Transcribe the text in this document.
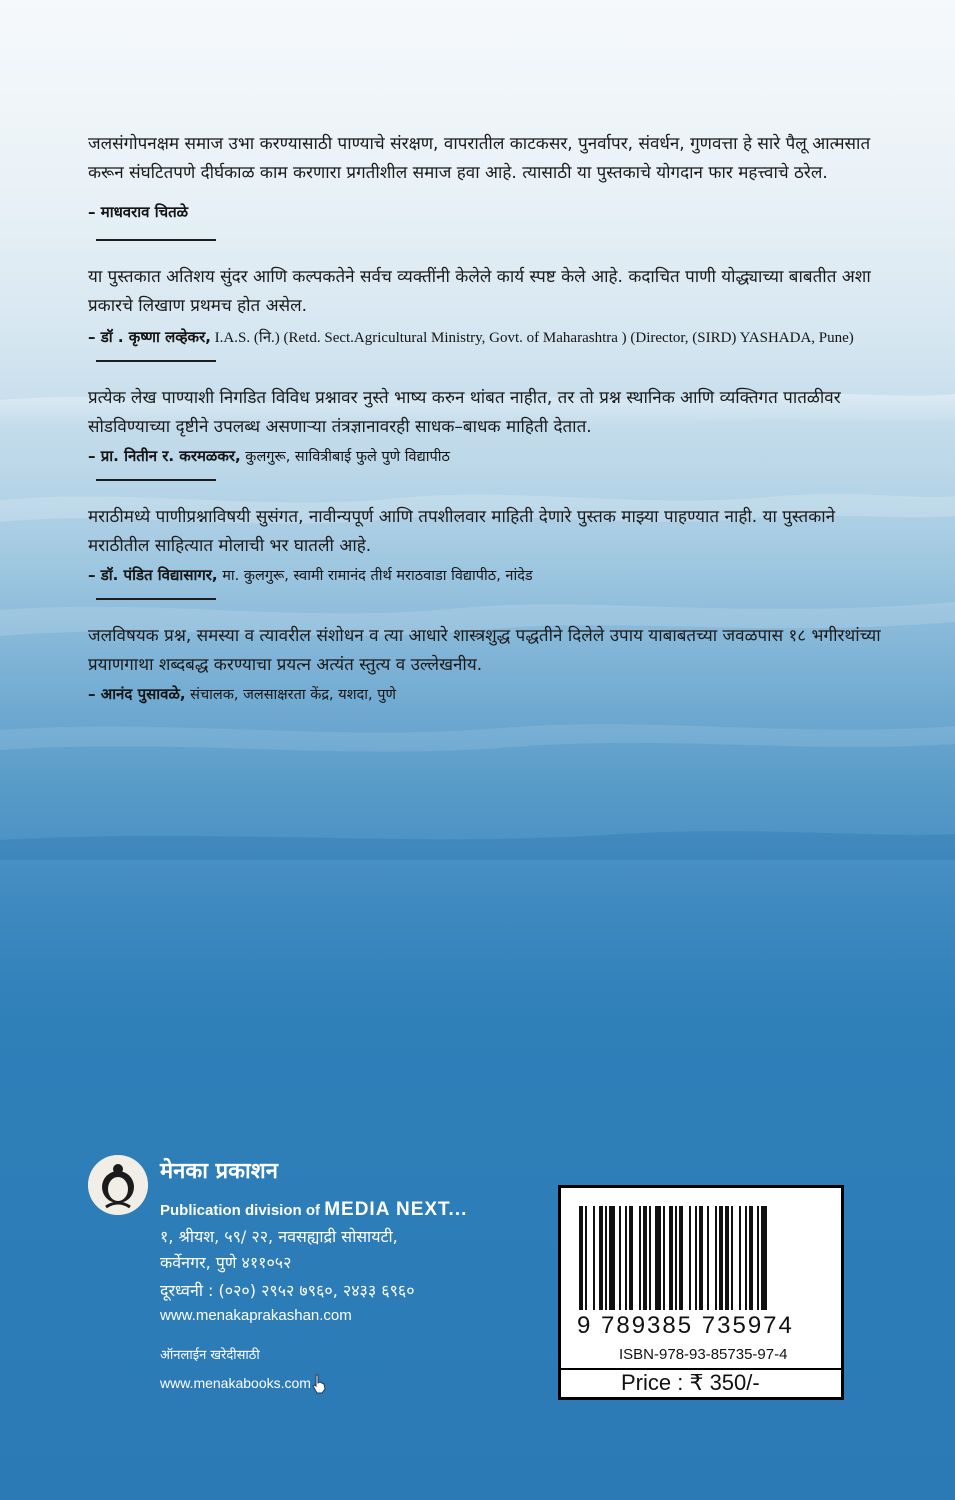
जलसंगोपनक्षम समाज उभा करण्यासाठी पाण्याचे संरक्षण, वापरातील काटकसर, पुनर्वापर, संवर्धन, गुणवत्ता हे सारे पैलू आत्मसात करून संघटितपणे दीर्घकाळ काम करणारा प्रगतीशील समाज हवा आहे. त्यासाठी या पुस्तकाचे योगदान फार महत्त्वाचे ठरेल.

– माधवराव चितळे

या पुस्तकात अतिशय सुंदर आणि कल्पकतेने सर्वच व्यक्तींनी केलेले कार्य स्पष्ट केले आहे. कदाचित पाणी योद्ध्याच्या बाबतीत अशा प्रकारचे लिखाण प्रथमच होत असेल.

– डॉ . कृष्णा लव्हेकर, I.A.S. (नि.) (Retd. Sect.Agricultural Ministry, Govt. of Maharashtra ) (Director, (SIRD) YASHADA, Pune)

प्रत्येक लेख पाण्याशी निगडित विविध प्रश्नावर नुस्ते भाष्य करुन थांबत नाहीत, तर तो प्रश्न स्थानिक आणि व्यक्तिगत पातळीवर सोडविण्याच्या दृष्टीने उपलब्ध असणाऱ्या तंत्रज्ञानावरही साधक–बाधक माहिती देतात.

– प्रा. नितीन र. करमळकर, कुलगुरू, सावित्रीबाई फुले पुणे विद्यापीठ

मराठीमध्ये पाणीप्रश्नाविषयी सुसंगत, नावीन्यपूर्ण आणि तपशीलवार माहिती देणारे पुस्तक माझ्या पाहण्यात नाही. या पुस्तकाने मराठीतील साहित्यात मोलाची भर घातली आहे.

– डॉ. पंडित विद्यासागर, मा. कुलगुरू, स्वामी रामानंद तीर्थ मराठवाडा विद्यापीठ, नांदेड

जलविषयक प्रश्न, समस्या व त्यावरील संशोधन व त्या आधारे शास्त्रशुद्ध पद्धतीने दिलेले उपाय याबाबतच्या जवळपास १८ भगीरथांच्या प्रयाणगाथा शब्दबद्ध करण्याचा प्रयत्न अत्यंत स्तुत्य व उल्लेखनीय.

– आनंद पुसावळे, संचालक, जलसाक्षरता केंद्र, यशदा, पुणे

मेनका प्रकाशन
Publication division of MEDIA NEXT...
१, श्रीयश, ५९/ २२, नवसह्याद्री सोसायटी,
कर्वेनगर, पुणे ४११०५२
दूरध्वनी : (०२०) २९५२ ७९६०, २४३३ ६९६०
www.menakaprakashan.com
ऑनलाईन खरेदीसाठी
www.menakabooks.com
9 789385 735974
ISBN-978-93-85735-97-4
Price : ₹ 350/-
